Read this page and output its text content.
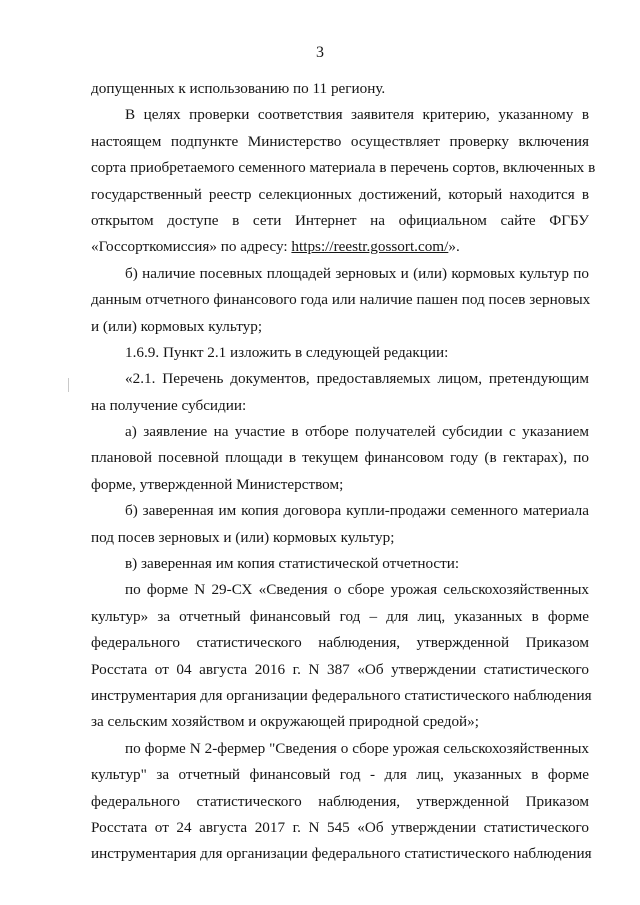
3
допущенных к использованию по 11 региону.
В целях проверки соответствия заявителя критерию, указанному в
настоящем подпункте Министерство осуществляет проверку включения
сорта приобретаемого семенного материала в перечень сортов, включенных в
государственный реестр селекционных достижений, который находится в
открытом доступе в сети Интернет на официальном сайте ФГБУ
«Госсорткомиссия» по адресу: https://reestr.gossort.com/».
б) наличие посевных площадей зерновых и (или) кормовых культур по
данным отчетного финансового года или наличие пашен под посев зерновых
и (или) кормовых культур;
1.6.9. Пункт 2.1 изложить в следующей редакции:
«2.1. Перечень документов, предоставляемых лицом, претендующим
на получение субсидии:
а) заявление на участие в отборе получателей субсидии с указанием
плановой посевной площади в текущем финансовом году (в гектарах), по
форме, утвержденной Министерством;
б) заверенная им копия договора купли-продажи семенного материала
под посев зерновых и (или) кормовых культур;
в) заверенная им копия статистической отчетности:
по форме N 29-СХ «Сведения о сборе урожая сельскохозяйственных
культур» за отчетный финансовый год – для лиц, указанных в форме
федерального статистического наблюдения, утвержденной Приказом
Росстата от 04 августа 2016 г. N 387 «Об утверждении статистического
инструментария для организации федерального статистического наблюдения
за сельским хозяйством и окружающей природной средой»;
по форме N 2-фермер "Сведения о сборе урожая сельскохозяйственных
культур" за отчетный финансовый год - для лиц, указанных в форме
федерального статистического наблюдения, утвержденной Приказом
Росстата от 24 августа 2017 г. N 545 «Об утверждении статистического
инструментария для организации федерального статистического наблюдения
